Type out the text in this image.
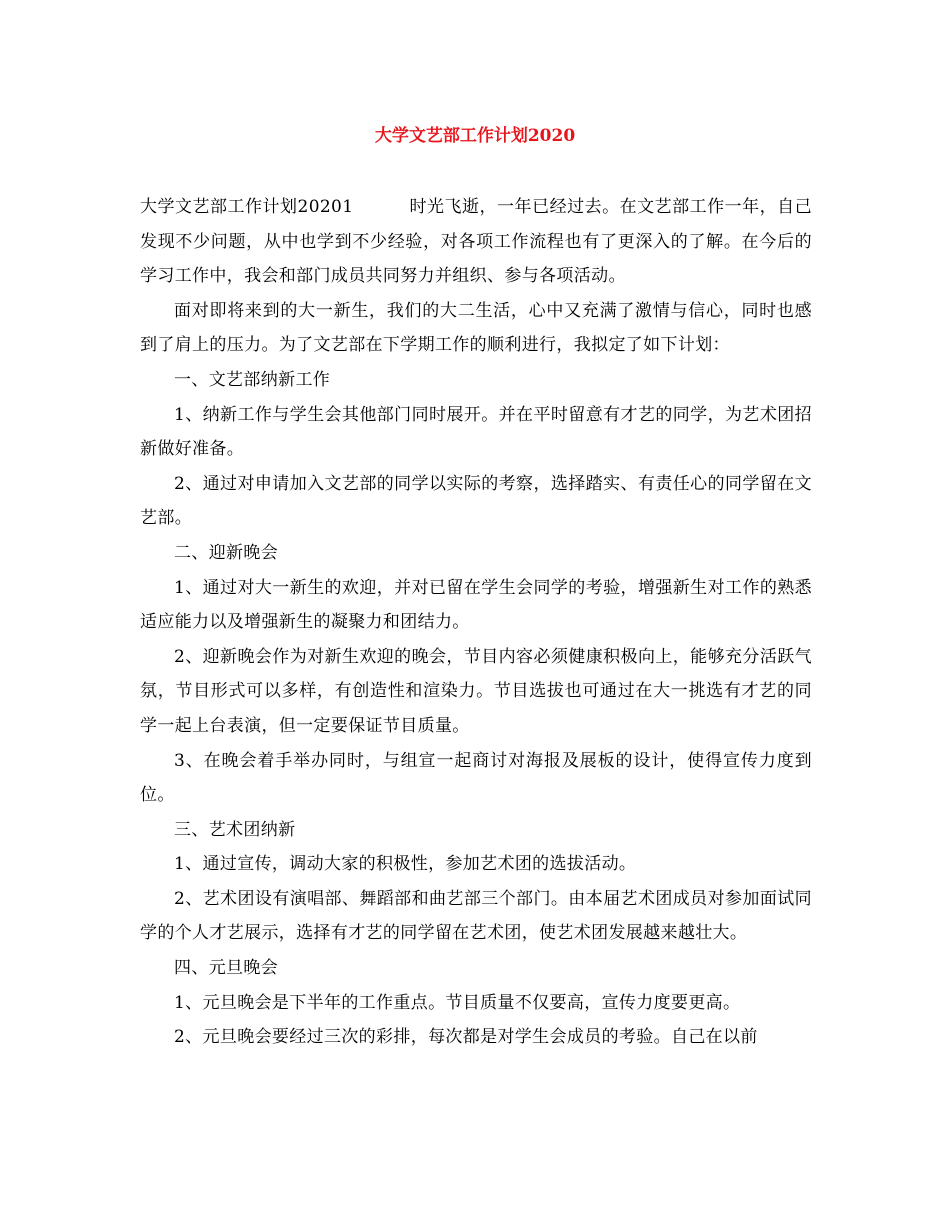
大学文艺部工作计划2020

大学文艺部工作计划20201	时光飞逝，一年已经过去。在文艺部工作一年，自己发现不少问题，从中也学到不少经验，对各项工作流程也有了更深入的了解。在今后的学习工作中，我会和部门成员共同努力并组织、参与各项活动。

面对即将来到的大一新生，我们的大二生活，心中又充满了激情与信心，同时也感到了肩上的压力。为了文艺部在下学期工作的顺利进行，我拟定了如下计划：

一、文艺部纳新工作

1、纳新工作与学生会其他部门同时展开。并在平时留意有才艺的同学，为艺术团招新做好准备。

2、通过对申请加入文艺部的同学以实际的考察，选择踏实、有责任心的同学留在文艺部。

二、迎新晚会

1、通过对大一新生的欢迎，并对已留在学生会同学的考验，增强新生对工作的熟悉适应能力以及增强新生的凝聚力和团结力。

2、迎新晚会作为对新生欢迎的晚会，节目内容必须健康积极向上，能够充分活跃气氛，节目形式可以多样，有创造性和渲染力。节目选拔也可通过在大一挑选有才艺的同学一起上台表演，但一定要保证节目质量。

3、在晚会着手举办同时，与组宣一起商讨对海报及展板的设计，使得宣传力度到位。

三、艺术团纳新

1、通过宣传，调动大家的积极性，参加艺术团的选拔活动。

2、艺术团设有演唱部、舞蹈部和曲艺部三个部门。由本届艺术团成员对参加面试同学的个人才艺展示，选择有才艺的同学留在艺术团，使艺术团发展越来越壮大。

四、元旦晚会

1、元旦晚会是下半年的工作重点。节目质量不仅要高，宣传力度要更高。

2、元旦晚会要经过三次的彩排，每次都是对学生会成员的考验。自己在以前
